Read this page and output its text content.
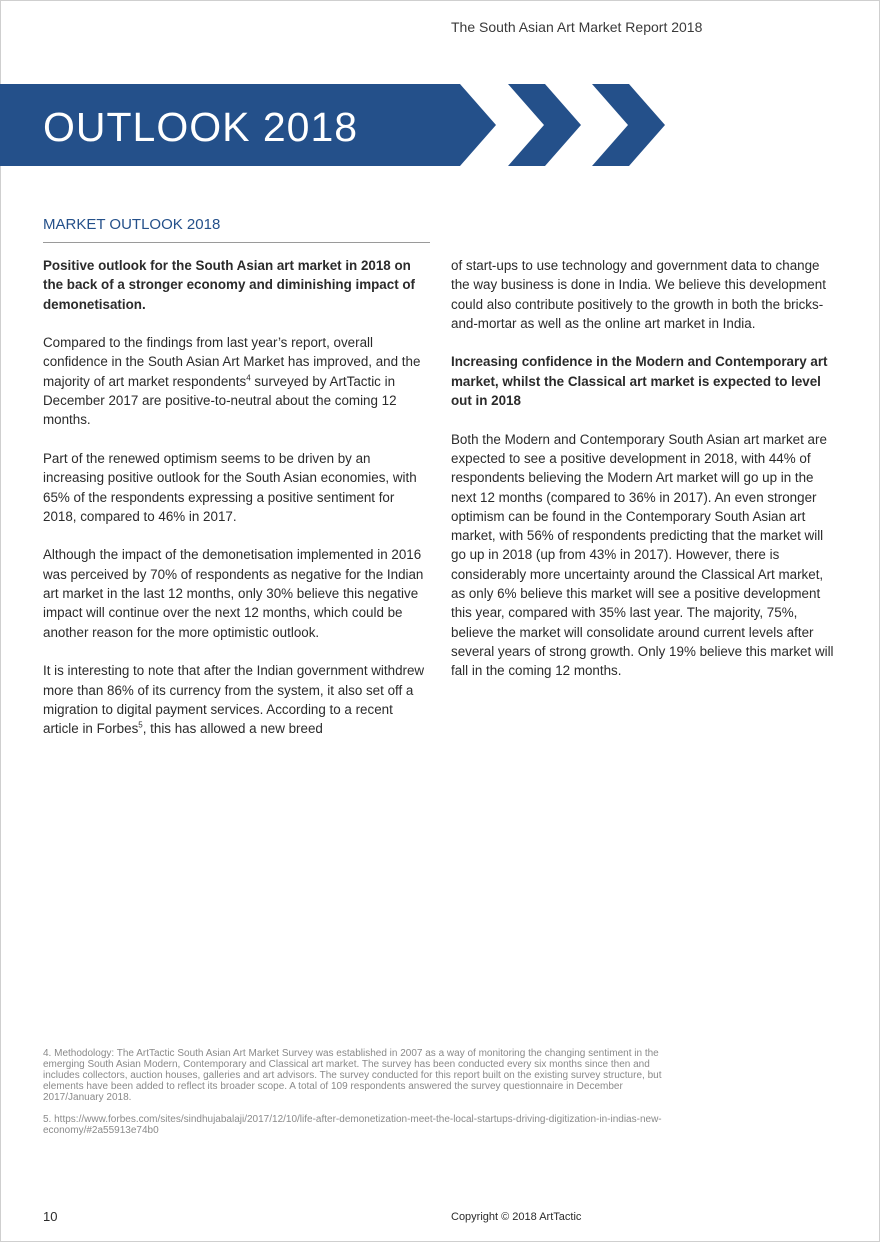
The South Asian Art Market Report 2018
OUTLOOK 2018
MARKET OUTLOOK 2018

Positive outlook for the South Asian art market in 2018 on the back of a stronger economy and diminishing impact of demonetisation.

Compared to the findings from last year’s report, overall confidence in the South Asian Art Market has improved, and the majority of art market respondents$^4$ surveyed by ArtTactic in December 2017 are positive-to-neutral about the coming 12 months.

Part of the renewed optimism seems to be driven by an increasing positive outlook for the South Asian economies, with 65% of the respondents expressing a positive sentiment for 2018, compared to 46% in 2017.

Although the impact of the demonetisation implemented in 2016 was perceived by 70% of respondents as negative for the Indian art market in the last 12 months, only 30% believe this negative impact will continue over the next 12 months, which could be another reason for the more optimistic outlook.

It is interesting to note that after the Indian government withdrew more than 86% of its currency from the system, it also set off a migration to digital payment services. According to a recent article in Forbes$^5$, this has allowed a new breed

of start-ups to use technology and government data to change the way business is done in India. We believe this development could also contribute positively to the growth in both the bricks-and-mortar as well as the online art market in India.

Increasing confidence in the Modern and Contemporary art market, whilst the Classical art market is expected to level out in 2018

Both the Modern and Contemporary South Asian art market are expected to see a positive development in 2018, with 44% of respondents believing the Modern Art market will go up in the next 12 months (compared to 36% in 2017). An even stronger optimism can be found in the Contemporary South Asian art market, with 56% of respondents predicting that the market will go up in 2018 (up from 43% in 2017). However, there is considerably more uncertainty around the Classical Art market, as only 6% believe this market will see a positive development this year, compared with 35% last year. The majority, 75%, believe the market will consolidate around current levels after several years of strong growth. Only 19% believe this market will fall in the coming 12 months.

4. Methodology: The ArtTactic South Asian Art Market Survey was established in 2007 as a way of monitoring the changing sentiment in the emerging South Asian Modern, Contemporary and Classical art market. The survey has been conducted every six months since then and includes collectors, auction houses, galleries and art advisors. The survey conducted for this report built on the existing survey structure, but elements have been added to reflect its broader scope. A total of 109 respondents answered the survey questionnaire in December 2017/January 2018.

5. https://www.forbes.com/sites/sindhujabalaji/2017/12/10/life-after-demonetization-meet-the-local-startups-driving-digitization-in-indias-new-economy/#2a55913e74b0

10	Copyright © 2018 ArtTactic
